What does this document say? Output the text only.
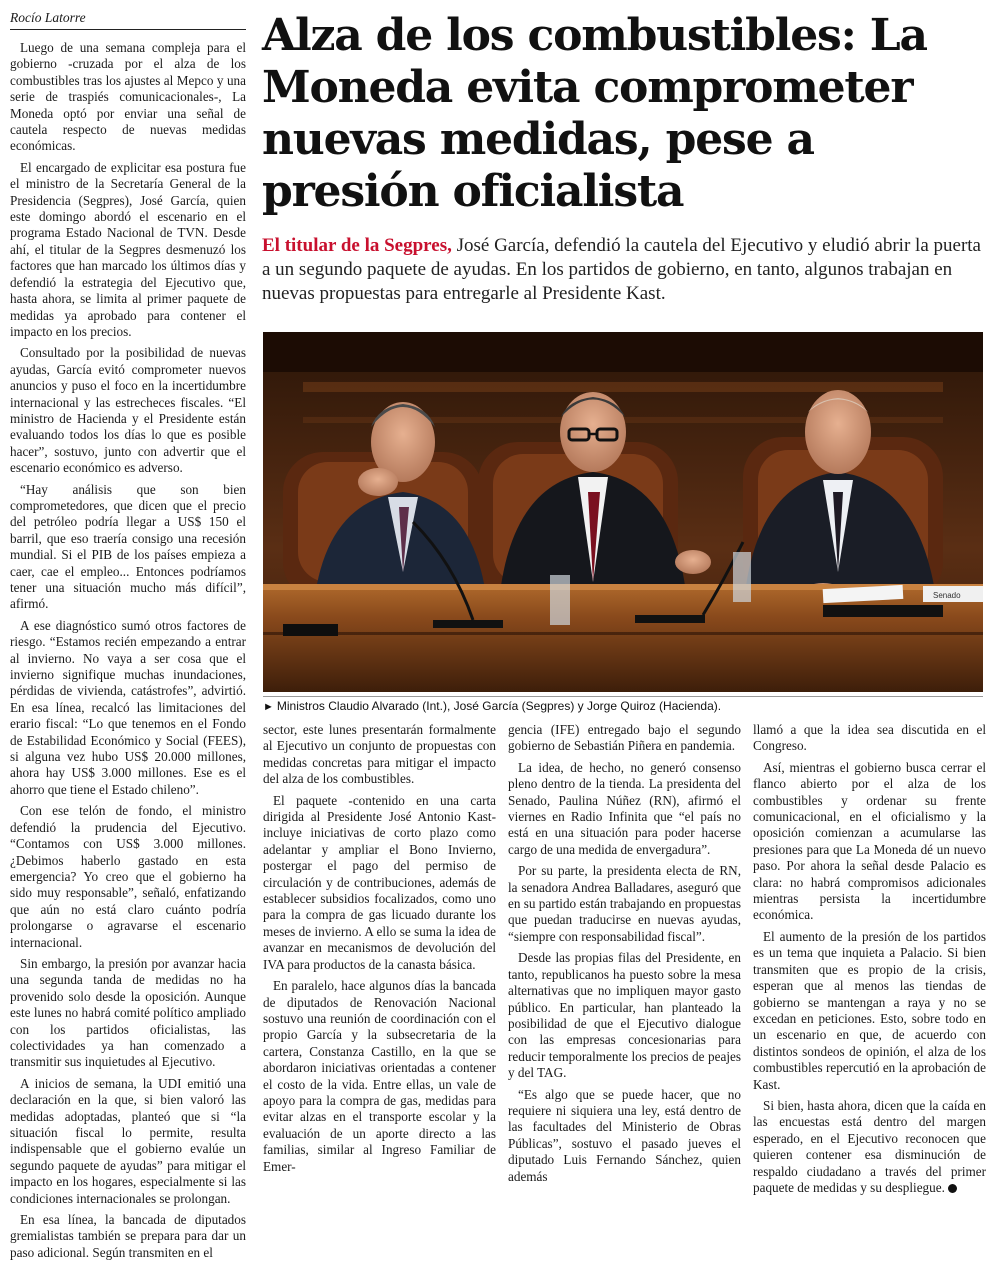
Rocío Latorre

Luego de una semana compleja para el gobierno -cruzada por el alza de los combustibles tras los ajustes al Mepco y una serie de traspiés comunicacionales-, La Moneda optó por enviar una señal de cautela respecto de nuevas medidas económicas.

El encargado de explicitar esa postura fue el ministro de la Secretaría General de la Presidencia (Segpres), José García, quien este domingo abordó el escenario en el programa Estado Nacional de TVN. Desde ahí, el titular de la Segpres desmenuzó los factores que han marcado los últimos días y defendió la estrategia del Ejecutivo que, hasta ahora, se limita al primer paquete de medidas ya aprobado para contener el impacto en los precios.

Consultado por la posibilidad de nuevas ayudas, García evitó comprometer nuevos anuncios y puso el foco en la incertidumbre internacional y las estrecheces fiscales. “El ministro de Hacienda y el Presidente están evaluando todos los días lo que es posible hacer”, sostuvo, junto con advertir que el escenario económico es adverso.

“Hay análisis que son bien comprometedores, que dicen que el precio del petróleo podría llegar a US$ 150 el barril, que eso traería consigo una recesión mundial. Si el PIB de los países empieza a caer, cae el empleo... Entonces podríamos tener una situación mucho más difícil”, afirmó.

A ese diagnóstico sumó otros factores de riesgo. “Estamos recién empezando a entrar al invierno. No vaya a ser cosa que el invierno signifique muchas inundaciones, pérdidas de vivienda, catástrofes”, advirtió. En esa línea, recalcó las limitaciones del erario fiscal: “Lo que tenemos en el Fondo de Estabilidad Económico y Social (FEES), si alguna vez hubo US$ 20.000 millones, ahora hay US$ 3.000 millones. Ese es el ahorro que tiene el Estado chileno”.

Con ese telón de fondo, el ministro defendió la prudencia del Ejecutivo. “Contamos con US$ 3.000 millones. ¿Debimos haberlo gastado en esta emergencia? Yo creo que el gobierno ha sido muy responsable”, señaló, enfatizando que aún no está claro cuánto podría prolongarse o agravarse el escenario internacional.

Sin embargo, la presión por avanzar hacia una segunda tanda de medidas no ha provenido solo desde la oposición. Aunque este lunes no habrá comité político ampliado con los partidos oficialistas, las colectividades ya han comenzado a transmitir sus inquietudes al Ejecutivo.

A inicios de semana, la UDI emitió una declaración en la que, si bien valoró las medidas adoptadas, planteó que si “la situación fiscal lo permite, resulta indispensable que el gobierno evalúe un segundo paquete de ayudas” para mitigar el impacto en los hogares, especialmente si las condiciones internacionales se prolongan.

En esa línea, la bancada de diputados gremialistas también se prepara para dar un paso adicional. Según transmiten en el

Alza de los combustibles: La Moneda evita comprometer nuevas medidas, pese a presión oficialista
El titular de la Segpres, José García, defendió la cautela del Ejecutivo y eludió abrir la puerta a un segundo paquete de ayudas. En los partidos de gobierno, en tanto, algunos trabajan en nuevas propuestas para entregarle al Presidente Kast.
Senado
► Ministros Claudio Alvarado (Int.), José García (Segpres) y Jorge Quiroz (Hacienda).

sector, este lunes presentarán formalmente al Ejecutivo un conjunto de propuestas con medidas concretas para mitigar el impacto del alza de los combustibles.

El paquete -contenido en una carta dirigida al Presidente José Antonio Kast- incluye iniciativas de corto plazo como adelantar y ampliar el Bono Invierno, postergar el pago del permiso de circulación y de contribuciones, además de establecer subsidios focalizados, como uno para la compra de gas licuado durante los meses de invierno. A ello se suma la idea de avanzar en mecanismos de devolución del IVA para productos de la canasta básica.

En paralelo, hace algunos días la bancada de diputados de Renovación Nacional sostuvo una reunión de coordinación con el propio García y la subsecretaria de la cartera, Constanza Castillo, en la que se abordaron iniciativas orientadas a contener el costo de la vida. Entre ellas, un vale de apoyo para la compra de gas, medidas para evitar alzas en el transporte escolar y la evaluación de un aporte directo a las familias, similar al Ingreso Familiar de Emer-

gencia (IFE) entregado bajo el segundo gobierno de Sebastián Piñera en pandemia.

La idea, de hecho, no generó consenso pleno dentro de la tienda. La presidenta del Senado, Paulina Núñez (RN), afirmó el viernes en Radio Infinita que “el país no está en una situación para poder hacerse cargo de una medida de envergadura”.

Por su parte, la presidenta electa de RN, la senadora Andrea Balladares, aseguró que en su partido están trabajando en propuestas que puedan traducirse en nuevas ayudas, “siempre con responsabilidad fiscal”.

Desde las propias filas del Presidente, en tanto, republicanos ha puesto sobre la mesa alternativas que no impliquen mayor gasto público. En particular, han planteado la posibilidad de que el Ejecutivo dialogue con las empresas concesionarias para reducir temporalmente los precios de peajes y del TAG.

“Es algo que se puede hacer, que no requiere ni siquiera una ley, está dentro de las facultades del Ministerio de Obras Públicas”, sostuvo el pasado jueves el diputado Luis Fernando Sánchez, quien además

llamó a que la idea sea discutida en el Congreso.

Así, mientras el gobierno busca cerrar el flanco abierto por el alza de los combustibles y ordenar su frente comunicacional, en el oficialismo y la oposición comienzan a acumularse las presiones para que La Moneda dé un nuevo paso. Por ahora la señal desde Palacio es clara: no habrá compromisos adicionales mientras persista la incertidumbre económica.

El aumento de la presión de los partidos es un tema que inquieta a Palacio. Si bien transmiten que es propio de la crisis, esperan que al menos las tiendas de gobierno se mantengan a raya y no se excedan en peticiones. Esto, sobre todo en un escenario en que, de acuerdo con distintos sondeos de opinión, el alza de los combustibles repercutió en la aprobación de Kast.

Si bien, hasta ahora, dicen que la caída en las encuestas está dentro del margen esperado, en el Ejecutivo reconocen que quieren contener esa disminución de respaldo ciudadano a través del primer paquete de medidas y su despliegue.
